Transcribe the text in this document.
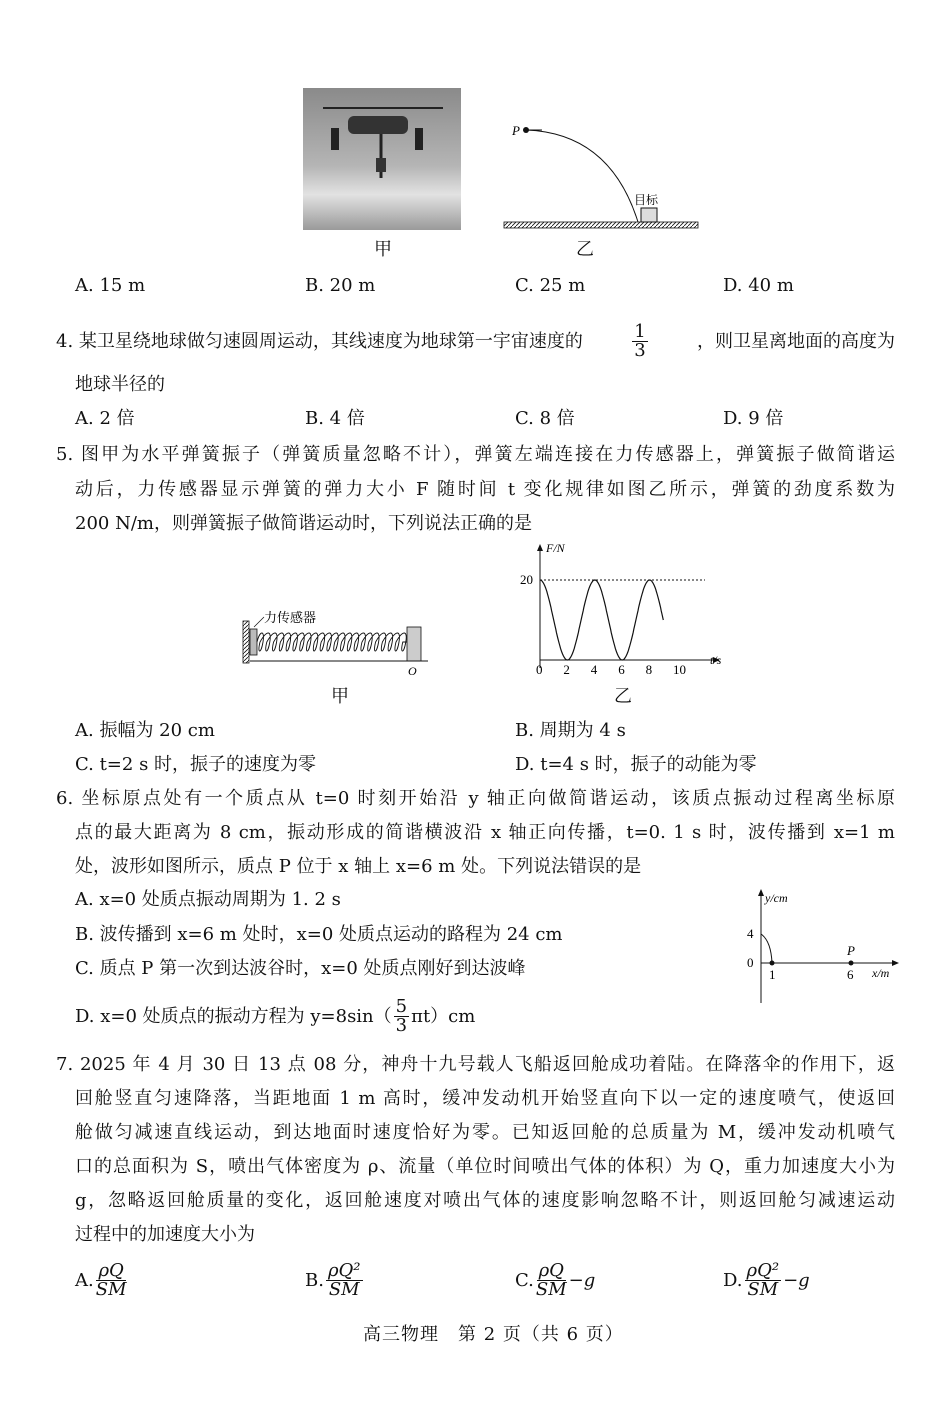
甲
P
目标
乙
A. 15 m	B. 20 m	C. 25 m	D. 40 m
4. 某卫星绕地球做匀速圆周运动，其线速度为地球第一宇宙速度的	$\frac{1}{3}$	，则卫星离地面的高度为
地球半径的
A. 2 倍	B. 4 倍	C. 8 倍	D. 9 倍
5. 图甲为水平弹簧振子（弹簧质量忽略不计），弹簧左端连接在力传感器上，弹簧振子做简谐运
动后，力传感器显示弹簧的弹力大小 F 随时间 t 变化规律如图乙所示，弹簧的劲度系数为
200 N/m，则弹簧振子做简谐运动时，下列说法正确的是
力传感器
O
甲
F/N
t/s
20
0 2 4 6 8 10
乙
A. 振幅为 20 cm	B. 周期为 4 s
C. t=2 s 时，振子的速度为零	D. t=4 s 时，振子的动能为零
6. 坐标原点处有一个质点从 t=0 时刻开始沿 y 轴正向做简谐运动，该质点振动过程离坐标原
点的最大距离为 8 cm，振动形成的简谐横波沿 x 轴正向传播，t=0. 1 s 时，波传播到 x=1 m
处，波形如图所示，质点 P 位于 x 轴上 x=6 m 处。下列说法错误的是
A. x=0 处质点振动周期为 1. 2 s
B. 波传播到 x=6 m 处时，x=0 处质点运动的路程为 24 cm
C. 质点 P 第一次到达波谷时，x=0 处质点刚好到达波峰
D. x=0 处质点的振动方程为 $y=8\sin( \frac{5}{3} \pi t)cm$
y/cm
x/m
4
0
1	6
P
7. 2025 年 4 月 30 日 13 点 08 分，神舟十九号载人飞船返回舱成功着陆。在降落伞的作用下，返
回舱竖直匀速降落，当距地面 1 m 高时，缓冲发动机开始竖直向下以一定的速度喷气，使返回
舱做匀减速直线运动，到达地面时速度恰好为零。已知返回舱的总质量为 M，缓冲发动机喷气
口的总面积为 S，喷出气体密度为 ρ、流量（单位时间喷出气体的体积）为 Q，重力加速度大小为
g，忽略返回舱质量的变化，返回舱速度对喷出气体的速度影响忽略不计，则返回舱匀减速运动
过程中的加速度大小为
A. $\frac{\rho Q}{SM}$	B. $\frac{\text{ρQ²}}{SM}$	C. $\frac{\rho Q}{SM} -g$	D. $\frac{\text{ρQ²}}{SM} -g$
高三物理　第 2 页（共 6 页）
